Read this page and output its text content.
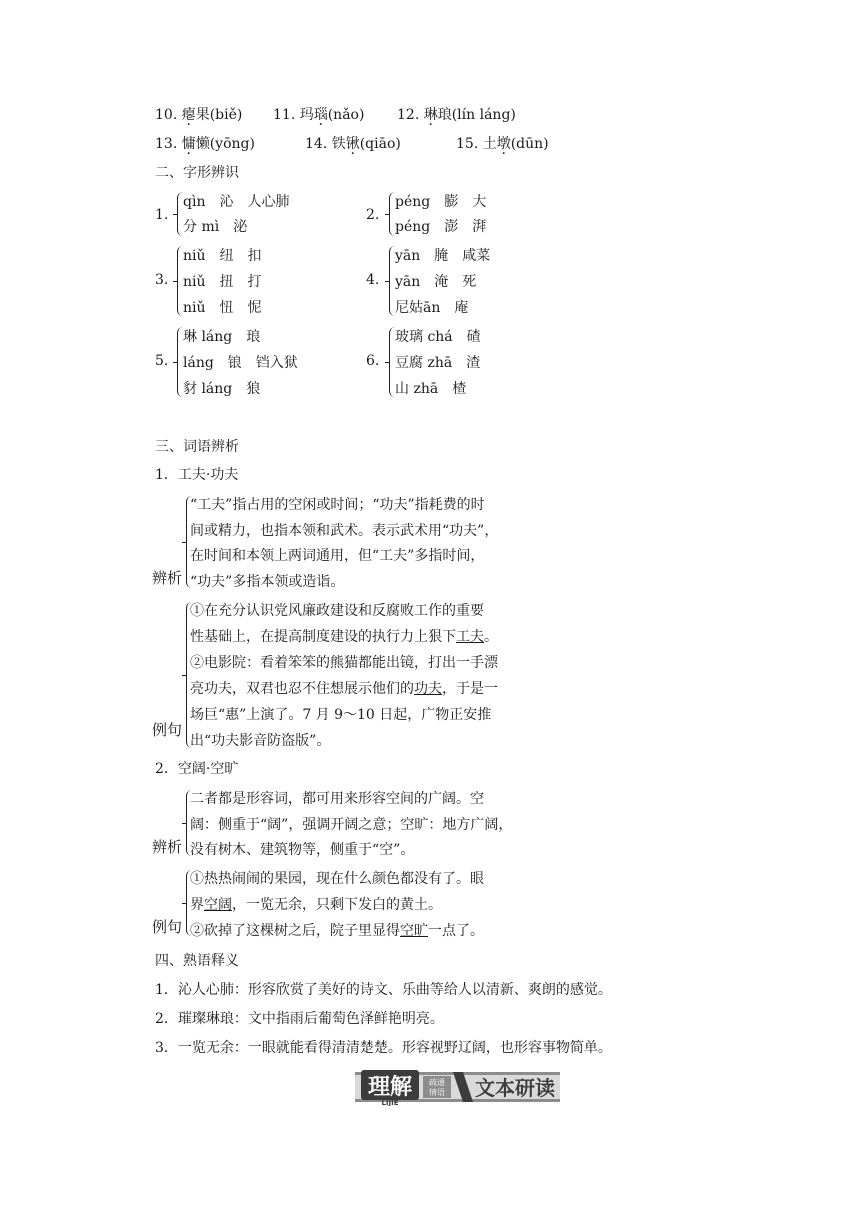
10. 瘪果(biě) 11. 玛瑙(nǎo) 12. 琳琅(lín láng)
13. 慵懒(yōng)	14. 铁锹(qiāo)	15. 土墩(dūn)
二、字形辨识
1.
qìn　沁　人心肺
分 mì　泌
2.
péng　膨　大
péng　澎　湃
3.
niǔ　纽　扣
niǔ　扭　打
niǔ　忸　怩
4.
yān　腌　咸菜
yān　淹　死
尼姑ān　庵
5.
琳 láng　琅
láng　锒　铛入狱
豺 láng　狼
6.
玻璃 chá　碴
豆腐 zhā　渣
山 zhā　楂
三、词语辨析
1．工夫·功夫
辨析
“工夫”指占用的空闲或时间；“功夫”指耗费的时
间或精力，也指本领和武术。表示武术用“功夫”，
在时间和本领上两词通用，但“工夫”多指时间，
“功夫”多指本领或造诣。
例句
①在充分认识党风廉政建设和反腐败工作的重要
性基础上，在提高制度建设的执行力上狠下工夫。
②电影院：看着笨笨的熊猫都能出镜，打出一手漂
亮功夫，双君也忍不住想展示他们的功夫，于是一
场巨“惠”上演了。7 月 9～10 日起，广物正安推
出“功夫影音防盗版”。
2．空阔·空旷
辨析
二者都是形容词，都可用来形容空间的广阔。空
阔：侧重于“阔”，强调开阔之意；空旷：地方广阔，
没有树木、建筑物等，侧重于“空”。
例句
①热热闹闹的果园，现在什么颜色都没有了。眼
界空阔，一览无余，只剩下发白的黄土。
②砍掉了这棵树之后，院子里显得空旷一点了。
四、熟语释义
1．沁人心肺：形容欣赏了美好的诗文、乐曲等给人以清新、爽朗的感觉。
2．璀璨琳琅：文中指雨后葡萄色泽鲜艳明亮。
3．一览无余：一眼就能看得清清楚楚。形容视野辽阔，也形容事物简单。
理解
LIJIE
疏通
情语 文本研读
